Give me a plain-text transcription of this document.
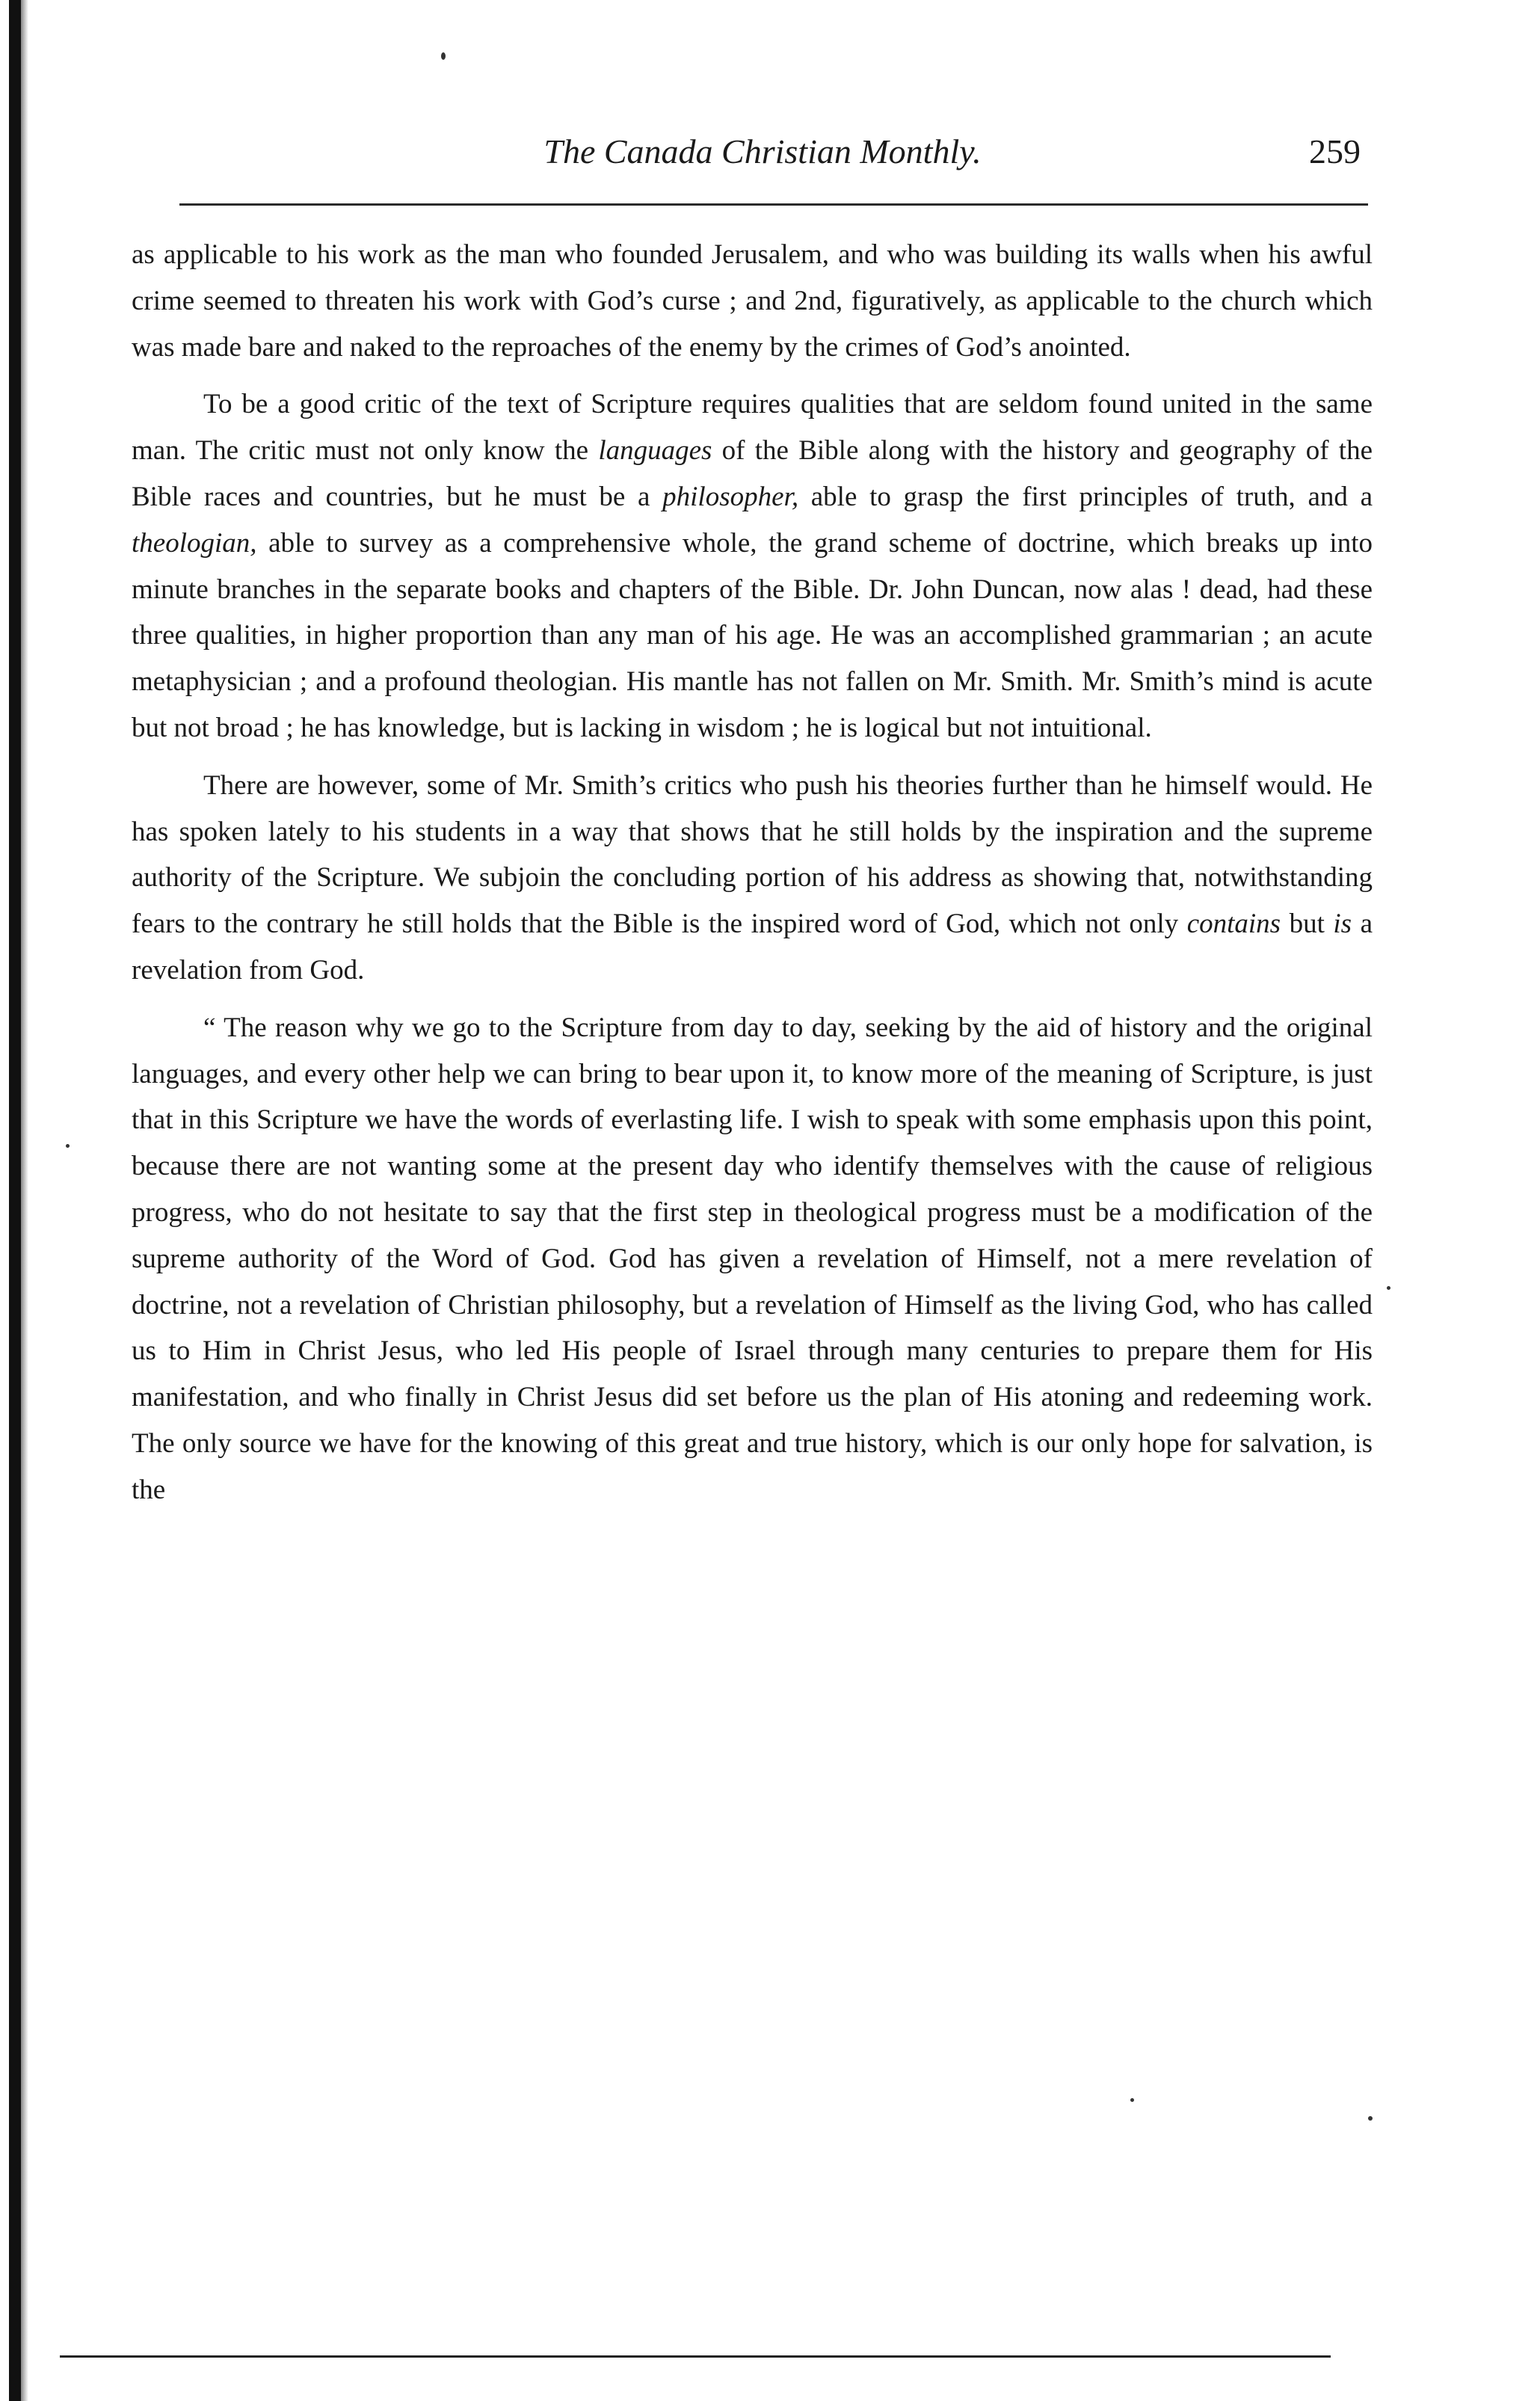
The Canada Christian Monthly.	259

as applicable to his work as the man who founded Jerusalem, and who was building its walls when his awful crime seemed to threaten his work with God’s curse ; and 2nd, figuratively, as applicable to the church which was made bare and naked to the reproaches of the enemy by the crimes of God’s anointed.

To be a good critic of the text of Scripture requires qualities that are seldom found united in the same man. The critic must not only know the languages of the Bible along with the history and geography of the Bible races and countries, but he must be a philosopher, able to grasp the first principles of truth, and a theologian, able to survey as a comprehensive whole, the grand scheme of doctrine, which breaks up into minute branches in the separate books and chapters of the Bible. Dr. John Duncan, now alas ! dead, had these three qualities, in higher proportion than any man of his age. He was an accomplished grammarian ; an acute metaphysician ; and a profound theologian. His mantle has not fallen on Mr. Smith. Mr. Smith’s mind is acute but not broad ; he has knowledge, but is lacking in wisdom ; he is logical but not intuitional.

There are however, some of Mr. Smith’s critics who push his theories further than he himself would. He has spoken lately to his students in a way that shows that he still holds by the inspiration and the supreme authority of the Scripture. We subjoin the concluding portion of his address as showing that, notwithstanding fears to the contrary he still holds that the Bible is the inspired word of God, which not only contains but is a revelation from God.

“ The reason why we go to the Scripture from day to day, seeking by the aid of history and the original languages, and every other help we can bring to bear upon it, to know more of the meaning of Scripture, is just that in this Scripture we have the words of everlasting life. I wish to speak with some emphasis upon this point, because there are not wanting some at the present day who identify themselves with the cause of religious progress, who do not hesitate to say that the first step in theological progress must be a modification of the supreme authority of the Word of God. God has given a revelation of Himself, not a mere revelation of doctrine, not a revelation of Christian philosophy, but a revelation of Himself as the living God, who has called us to Him in Christ Jesus, who led His people of Israel through many centuries to prepare them for His manifestation, and who finally in Christ Jesus did set before us the plan of His atoning and redeeming work. The only source we have for the knowing of this great and true history, which is our only hope for salvation, is the
